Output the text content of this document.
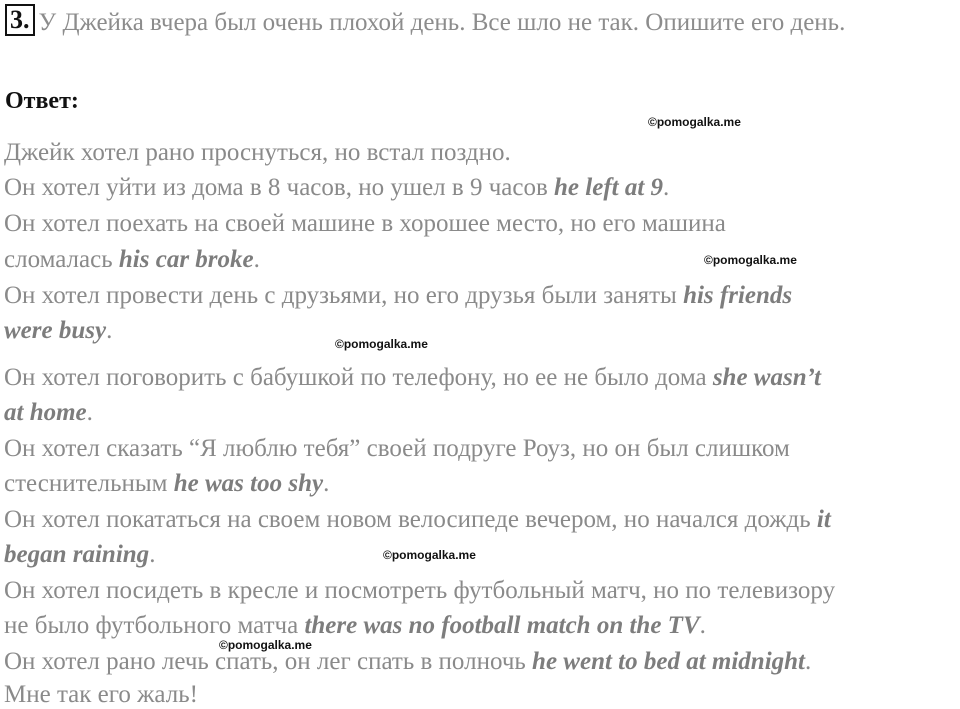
3. У Джейка вчера был очень плохой день. Все шло не так. Опишите его день.
Ответ:
©pomogalka.me
©pomogalka.me
©pomogalka.me
©pomogalka.me
©pomogalka.me
Джейк хотел рано проснуться, но встал поздно.
Он хотел уйти из дома в 8 часов, но ушел в 9 часов he left at 9.
Он хотел поехать на своей машине в хорошее место, но его машина
сломалась his car broke.
Он хотел провести день с друзьями, но его друзья были заняты his friends
were busy.
Он хотел поговорить с бабушкой по телефону, но ее не было дома she wasn’t
at home.
Он хотел сказать “Я люблю тебя” своей подруге Роуз, но он был слишком
стеснительным he was too shy.
Он хотел покататься на своем новом велосипеде вечером, но начался дождь it
began raining.
Он хотел посидеть в кресле и посмотреть футбольный матч, но по телевизору
не было футбольного матча there was no football match on the TV.
Он хотел рано лечь спать, он лег спать в полночь he went to bed at midnight.
Мне так его жаль!
